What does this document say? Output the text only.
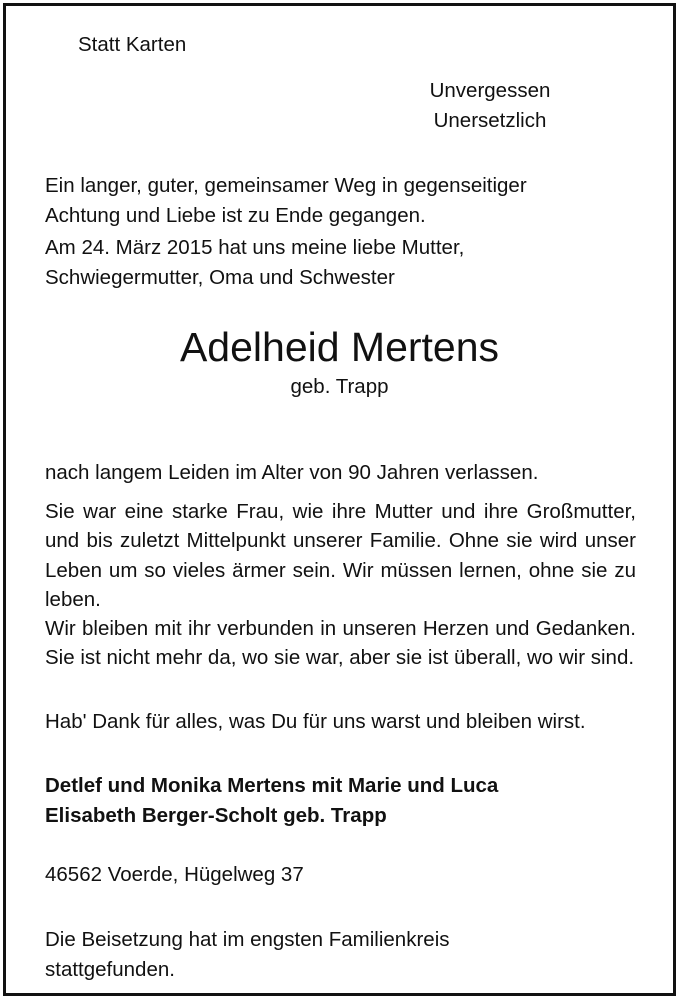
Statt Karten
Unvergessen
Unersetzlich
Ein langer, guter, gemeinsamer Weg in gegenseitiger
Achtung und Liebe ist zu Ende gegangen.
Am 24. März 2015 hat uns meine liebe Mutter,
Schwiegermutter, Oma und Schwester
Adelheid Mertens
geb. Trapp

nach langem Leiden im Alter von 90 Jahren verlassen.

Sie war eine starke Frau, wie ihre Mutter und ihre Großmutter, und bis zuletzt Mittelpunkt unserer Familie. Ohne sie wird unser Leben um so vieles ärmer sein. Wir müssen lernen, ohne sie zu leben.

Wir bleiben mit ihr verbunden in unseren Herzen und Gedanken. Sie ist nicht mehr da, wo sie war, aber sie ist überall, wo wir sind.

Hab' Dank für alles, was Du für uns warst und bleiben wirst.

Detlef und Monika Mertens mit Marie und Luca
Elisabeth Berger-Scholt geb. Trapp
46562 Voerde, Hügelweg 37
Die Beisetzung hat im engsten Familienkreis
stattgefunden.
